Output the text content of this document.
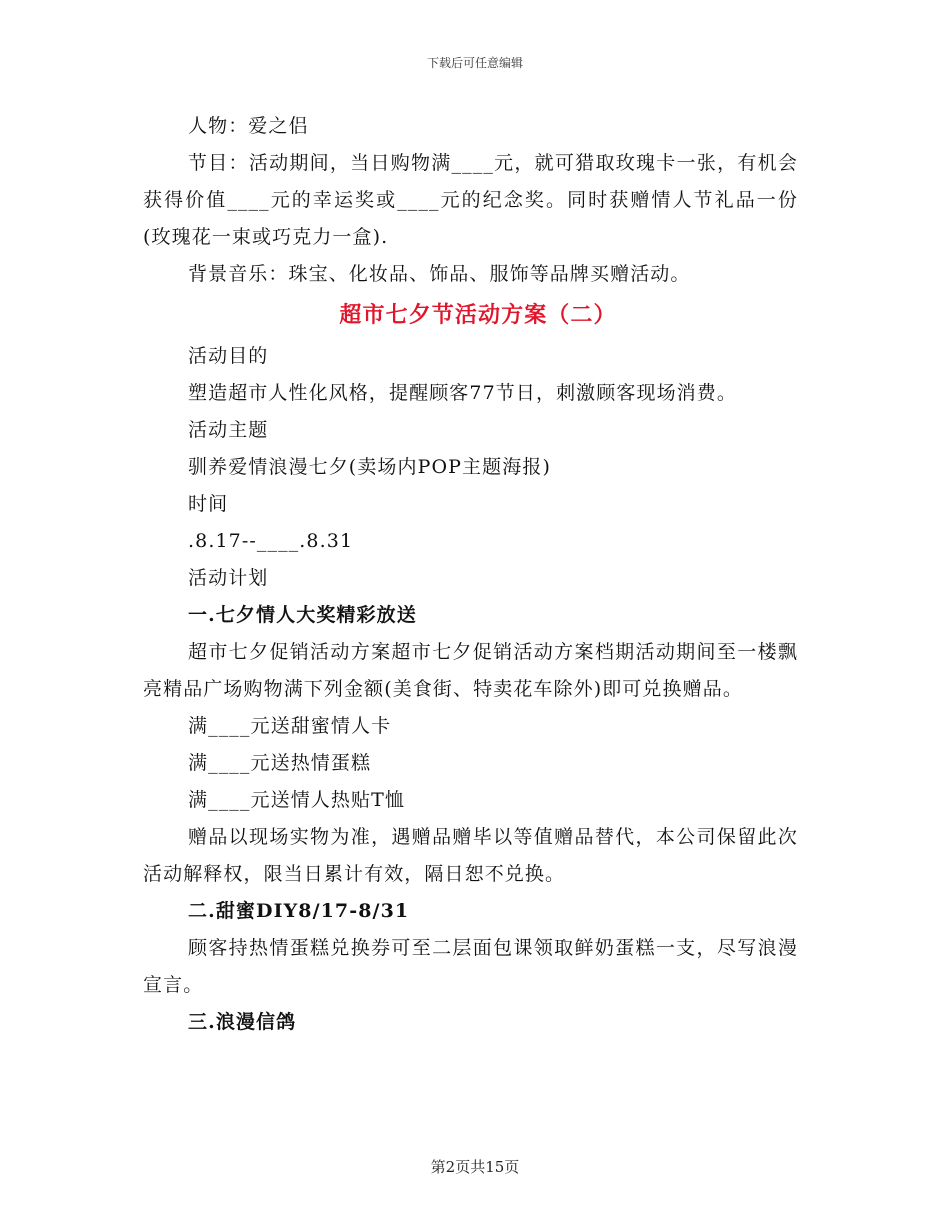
下载后可任意编辑
人物：爱之侣
节目：活动期间，当日购物满____元，就可猎取玫瑰卡一张，有机会获得价值____元的幸运奖或____元的纪念奖。同时获赠情人节礼品一份(玫瑰花一束或巧克力一盒).
背景音乐：珠宝、化妆品、饰品、服饰等品牌买赠活动。
超市七夕节活动方案（二）
活动目的
塑造超市人性化风格，提醒顾客77节日，刺激顾客现场消费。
活动主题
驯养爱情浪漫七夕(卖场内POP主题海报)
时间
.8.17--____.8.31
活动计划
一.七夕情人大奖精彩放送
超市七夕促销活动方案超市七夕促销活动方案档期活动期间至一楼飘亮精品广场购物满下列金额(美食街、特卖花车除外)即可兑换赠品。
满____元送甜蜜情人卡
满____元送热情蛋糕
满____元送情人热贴T恤
赠品以现场实物为准，遇赠品赠毕以等值赠品替代，本公司保留此次活动解释权，限当日累计有效，隔日恕不兑换。
二.甜蜜DIY8/17-8/31
顾客持热情蛋糕兑换券可至二层面包课领取鲜奶蛋糕一支，尽写浪漫宣言。
三.浪漫信鸽
第2页共15页
